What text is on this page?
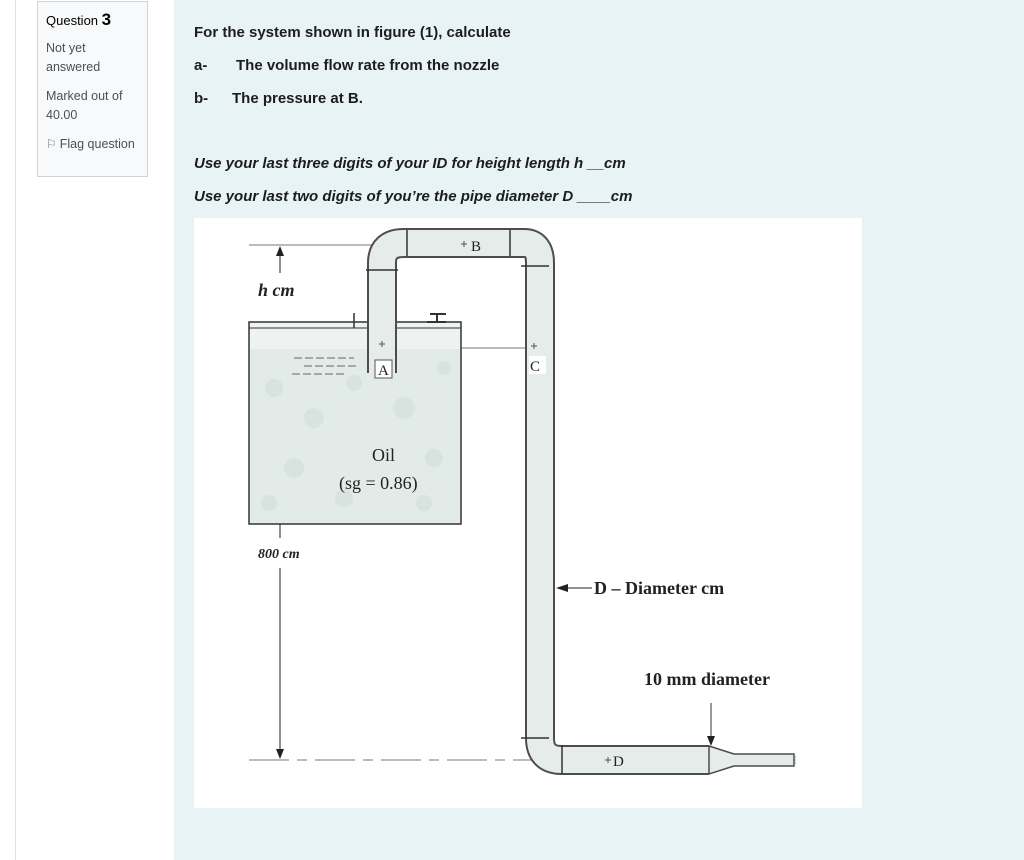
Question 3
Not yet answered
Marked out of 40.00
⚐ Flag question
For the system shown in figure (1), calculate
a- The volume flow rate from the nozzle
b- The pressure at B.
Use your last three digits of your ID for height length h __cm
Use your last two digits of you’re the pipe diameter D ____cm
h cm
A
B
C
D
Oil
(sg = 0.86)
800 cm
D – Diameter cm
10 mm diameter
